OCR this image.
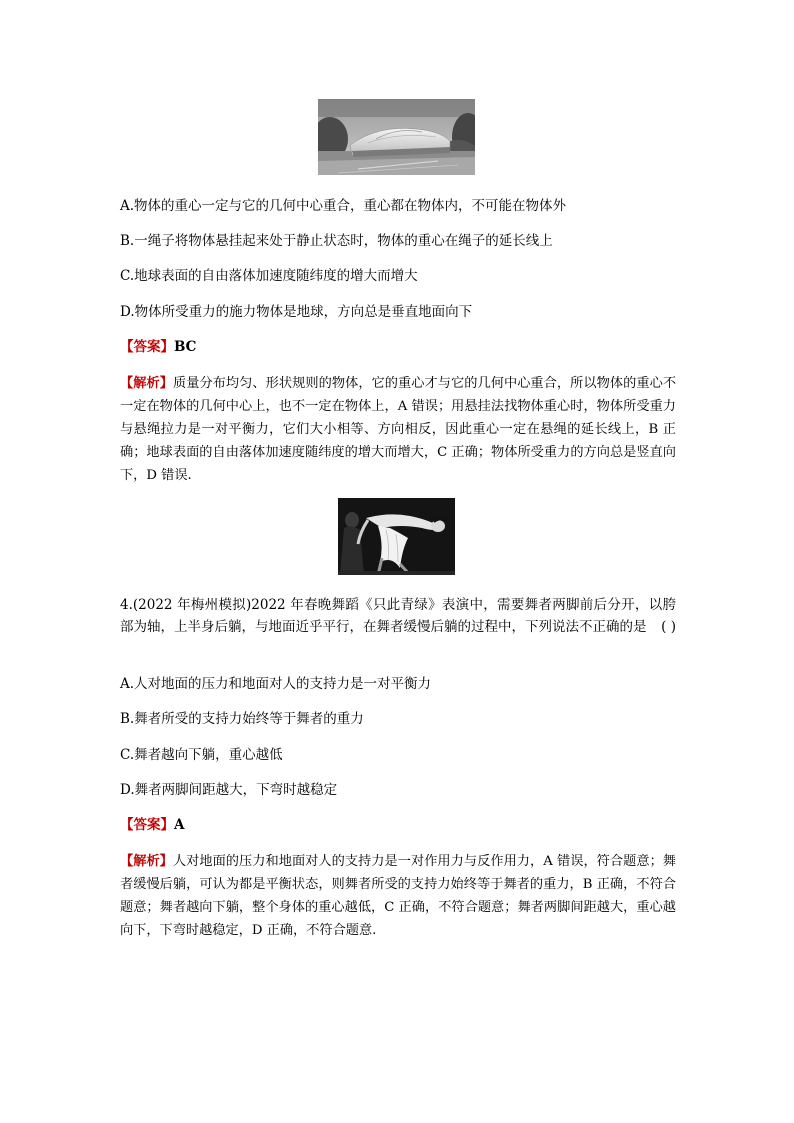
A.物体的重心一定与它的几何中心重合，重心都在物体内，不可能在物体外

B.一绳子将物体悬挂起来处于静止状态时，物体的重心在绳子的延长线上

C.地球表面的自由落体加速度随纬度的增大而增大

D.物体所受重力的施力物体是地球，方向总是垂直地面向下

【答案】BC

【解析】质量分布均匀、形状规则的物体，它的重心才与它的几何中心重合，所以物体的重心不一定在物体的几何中心上，也不一定在物体上，A 错误；用悬挂法找物体重心时，物体所受重力与悬绳拉力是一对平衡力，它们大小相等、方向相反，因此重心一定在悬绳的延长线上，B 正确；地球表面的自由落体加速度随纬度的增大而增大，C 正确；物体所受重力的方向总是竖直向下，D 错误.

4.(2022 年梅州模拟)2022 年春晚舞蹈《只此青绿》表演中，需要舞者两脚前后分开，以胯部为轴，上半身后躺，与地面近乎平行，在舞者缓慢后躺的过程中，下列说法不正确的是 ( )

A.人对地面的压力和地面对人的支持力是一对平衡力

B.舞者所受的支持力始终等于舞者的重力

C.舞者越向下躺，重心越低

D.舞者两脚间距越大，下弯时越稳定

【答案】A

【解析】人对地面的压力和地面对人的支持力是一对作用力与反作用力，A 错误，符合题意；舞者缓慢后躺，可认为都是平衡状态，则舞者所受的支持力始终等于舞者的重力，B 正确，不符合题意；舞者越向下躺，整个身体的重心越低，C 正确，不符合题意；舞者两脚间距越大，重心越向下，下弯时越稳定，D 正确，不符合题意.
